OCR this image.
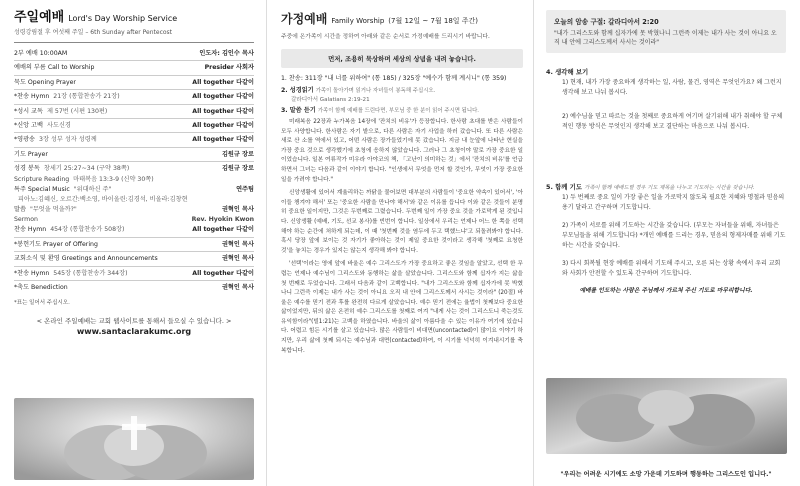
주일예배 Lord's Day Worship Service
성령강림절 후 여섯째 주일 – 6th Sunday after Pentecost
2부 예배 10:00AM	인도자: 김인수 목사
예배의 부름 Call to Worship	Presider 사회자
묵도 Opening Prayer	All together 다같이
*찬송 Hymn 21장 (통합찬송가 21장)	All together 다같이
*성시 교독 제 57번 (시편 130편)	All together 다같이
*신앙 고백 사도신경	All together 다같이
*영광송 3장 성부 성자 성령께	All together 다같이
기도 Prayer	김원규 장로
성경 봉독 창세기 25:27~34 (구약 38쪽)	김원규 장로
Scripture Reading 마태복음 13:3-9 (신약 30쪽)
특주 Special Music "위대하신 주"	연주팀
피아노:김혜신, 오르간:백소영, 바이올린:김경석, 비올라:김창현
말씀 "무엇을 먹을까?"	권혁인 목사
Sermon	Rev. Hyokin Kwon
찬송 Hymn 454장 (통합찬송가 508장)	All together 다같이
*봉헌기도 Prayer of Offering	권혁인 목사
교회소식 및 환영 Greetings and Announcements	권혁인 목사
*찬송 Hymn 545장 (통합찬송가 344장)	All together 다같이
*축도 Benediction	권혁인 목사
*표는 일어서 주십시오.
< 온라인 주일예배는 교회 웹사이트를 통해서 들으실 수 있습니다. >
www.santaclarakumc.org
가정예배 Family Worship (7월 12일 ~ 7월 18일 주간)
주중에 온가족이 시간을 정하여 아래와 같은 순서로 가정예배를 드리시기 바랍니다.
먼저, 조용히 묵상하며 세상의 상념을 내려 놓습니다.
1. 찬송: 311장 "내 너를 위하여" (통 185) / 325장 "예수가 함께 계시니" (통 359)
2. 성경읽기 가족이 돌아가며 읽거나 자녀들이 봉독해 주십시오.
갈라디아서 Galatians 2:19-21
3. 말씀 듣기 가족이 함께 예배를 드린다면, 부모님 중 한 분이 읽어 주시면 됩니다.
미래복음 22장과 누가복음 14장에 '잔치의 비유'가 등장합니다. 한사람 초대를 받은 사람들이 모두 사양합니다. 한사람은 자기 밭으로, 다른 사람은 자기 사업을 하러 갔습니다. 또 다른 사람은 새로 산 소를 역에서 있고, 어떤 사람은 장가들었기에 못 갔습니다. 지금 내 눈앞에 나타난 현실을 가장 중요 것으로 생각했기에 초청에 응하지 않았습니다. 그러나 그 초청이야 말로 가장 중요한 일이었습니다. 일본 여류작가 미우라 아야코의 책, 「고난이 의미하는 것」에서 '잔치의 비유'를 언급하면서 그녀는 다음과 같이 이야기 합니다. "인생에서 무엇을 먼저 할 것인가, 무엇이 가장 중요한 일을 가려야 합니다."
신앙생활에 있어서 계율리하는 까닭을 물어보면 대부분의 사람들이 '중요한 약속이 있어서', '아이들 챙겨야 해서' 또는 '중요한 사람을 만나야 해서'와 같은 이유를 듭니다 이와 같은 것들이 분명히 중요한 일이지만, 그것은 두번째로 그렸습니다. 두번째 일이 가장 중요 것을 가로막게 된 것입니다. 신앙생활 (예배, 기도, 선교 봉사)를 빈번이 합니다. 일상에서 우리는 언제나 어느 한 쪽을 선택해야 하는 순간에 처하게 되는데, 이 때 '첫번째 것을 염두에 두고 택했느냐'고 되돌려봐야 합니다. 혹시 당장 앞에 보이는 것 자기가 좋아하는 것이 제일 중요한 것이라고 생각해 '첫째로 요청한 것'을 놓치는 경우가 있지는 않는지 생각해 봐야 합니다.
'선택'이라는 영에 앞에 바울은 예수 그리스도가 가장 중요하고 좋은 것임을 알았고, 선택 한 무렵는 언제나 예수님이 그리스도와 동행하는 삶을 살았습니다. 그리스도와 함께 십자가 지는 삶을 첫 번째로 두었습니다. 그래서 다음과 같이 고백합니다. "내가 그리스도와 함께 십자가에 못 박혔나니 그런즉 이제는 내가 사는 것이 아니요 오직 내 안에 그리스도께서 사시는 것이라" (20절) 바울은 예수를 믿기 전과 후를 완전히 다르게 살았습니다. 예수 믿기 전에는 율법이 첫째보다 중요한 삶이었지만, 뒤의 삶은 온전히 예수 그리스도를 첫째로 여겨 "내게 사는 것이 그리스도니 죽는것도 유익함이라"(빌1:21)는 고백을 하였습니다. 바울의 삶이 아름다울 수 있는 이유가 여기에 있습니다. 어렵고 힘든 시기를 살고 있습니다. 많은 사람들이 비대면(uncontacted)이 많이요 이야기 하지만, 우리 삶에 첫째 되시는 예수님과 대면(contacted)하여, 이 시기를 넉넉히 이겨내시기를 축복합니다.
오늘의 암송 구절: 갈라디아서 2:20
"내가 그리스도와 함께 십자가에 못 박혔나니 그런즉 이제는 내가 사는 것이 아니요 오직 내 안에 그리스도께서 사시는 것이라"
4. 생각해 보기
1) 현재, 내가 가장 중요하게 생각하는 일, 사람, 물건, 영역은 무엇인가요? 왜 그런지 생각해 보고 나눠 봅시다.
2) 예수님을 믿고 따르는 것을 첫째로 중요하게 여기며 살기위해 내가 취해야 할 구체적인 행동 방식은 무엇인지 생각해 보고 결단하는 마음으로 나눠 봅시다.
5. 함께 기도 가족이 함께 예배드릴 경우 기도 제목을 나누고 기도하는 시간을 갖습니다.
1) 두 번째로 중요 일이 가장 좋은 일을 가로막지 않도록 필요한 지혜와 명철과 믿음의 용기 달라고 간구하며 기도합니다.
2) 가족이 서로를 위해 기도하는 시간을 갖습니다. (부모는 자녀들을 위해, 자녀들은 부모님들을 위해 기도합니다) *개인 예배를 드리는 경우, 믿음의 형제자매를 위해 기도하는 시간을 갖습니다.
3) 다시 회복될 현장 예배를 위해서 기도해 주시고, 오른 되는 상황 속에서 우리 교회와 사회가 안전할 수 있도록 간구하며 기도합니다.
예배를 인도하는 사람은 주님께서 가르쳐 주신 기도로 마무리합니다.
"우리는 어려운 시기에도 소망 가운데 기도하며 행동하는 그리스도인 입니다."
